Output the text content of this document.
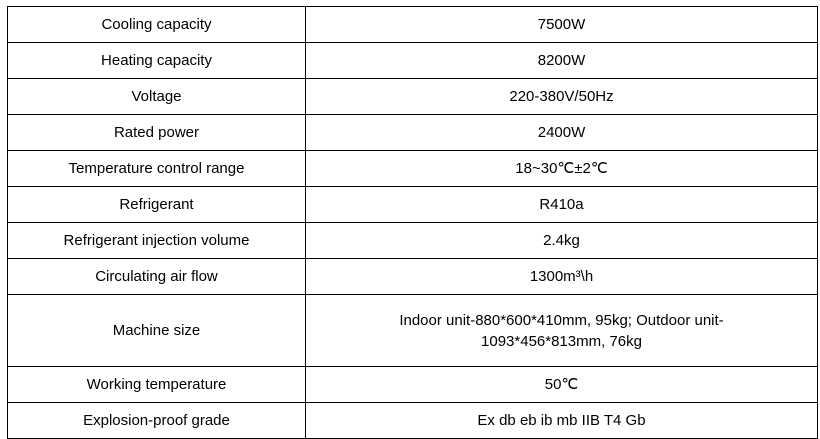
Cooling capacity	7500W
Heating capacity	8200W
Voltage	220-380V/50Hz
Rated power	2400W
Temperature control range	18~30℃±2℃
Refrigerant	R410a
Refrigerant injection volume	2.4kg
Circulating air flow	1300m³\h
Machine size	Indoor unit-880*600*410mm, 95kg; Outdoor unit-
1093*456*813mm, 76kg
Working temperature	50℃
Explosion-proof grade	Ex db eb ib mb IIB T4 Gb
